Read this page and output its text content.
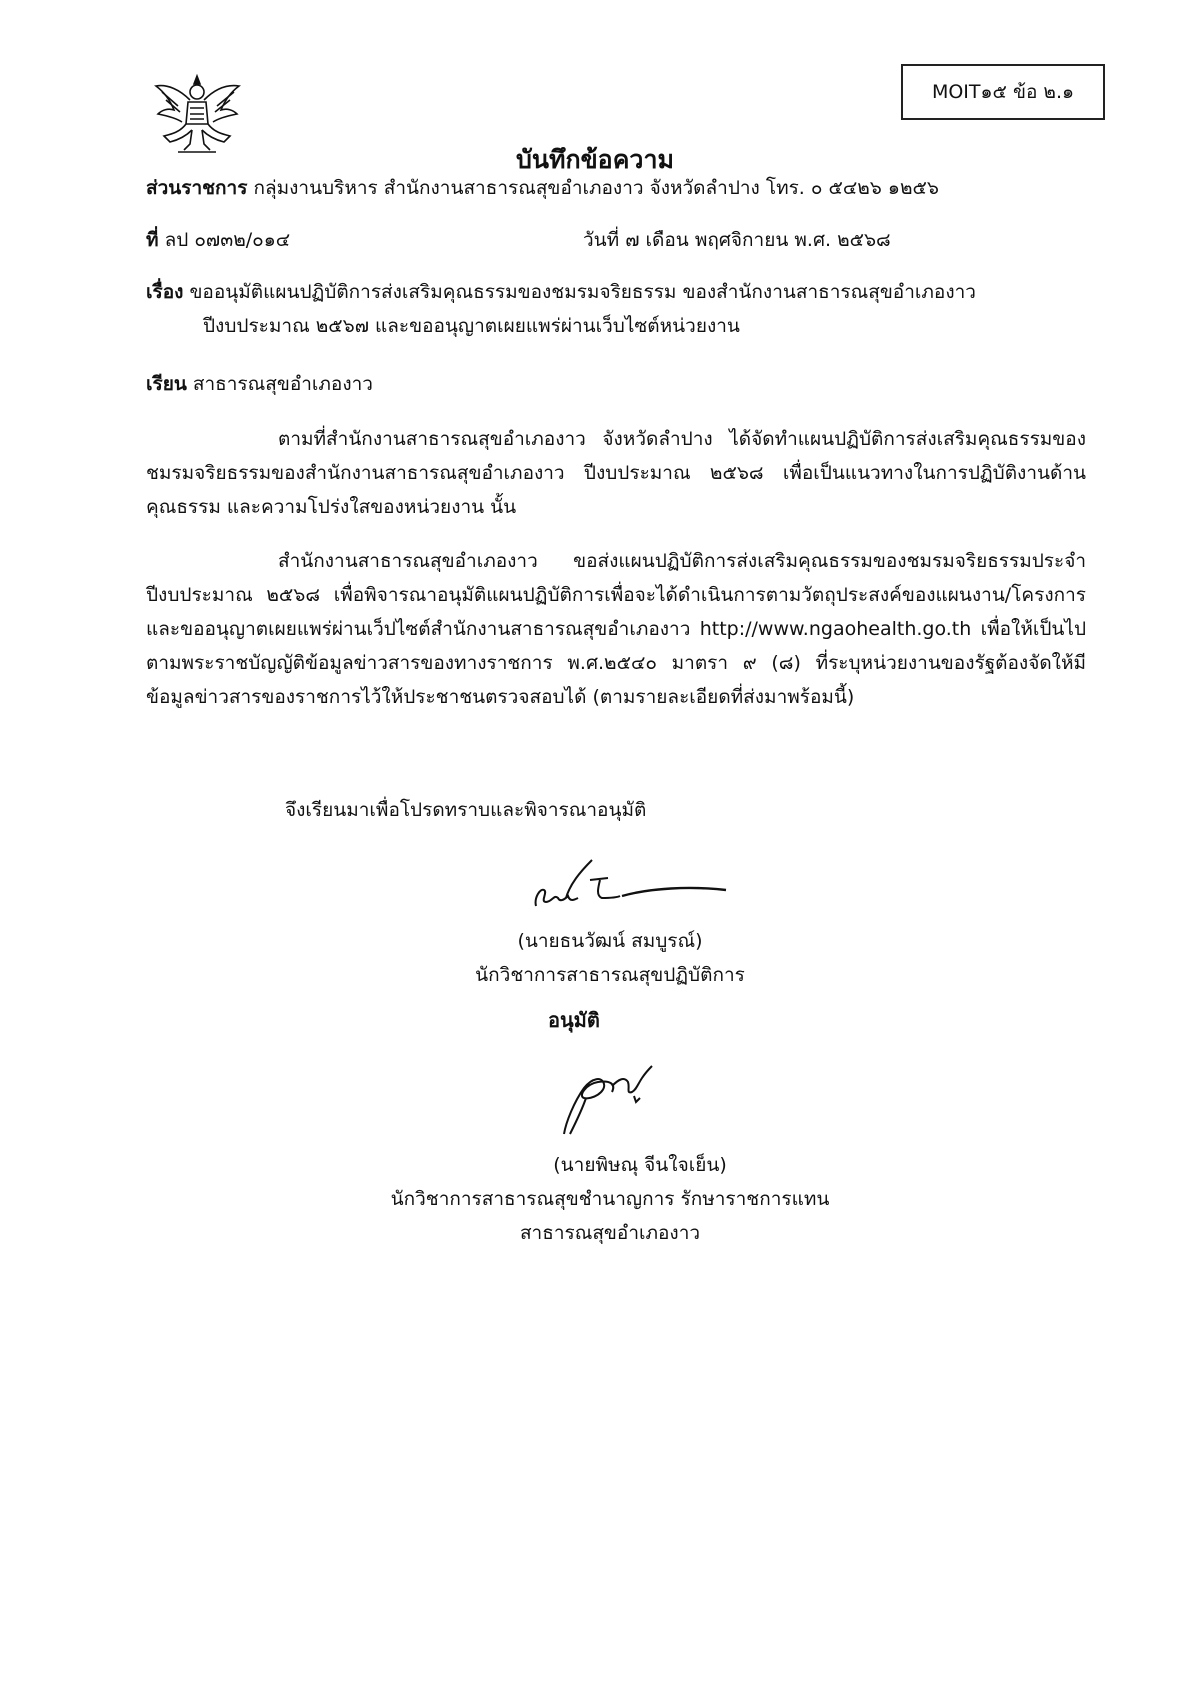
MOIT๑๕ ข้อ ๒.๑
บันทึกข้อความ
ส่วนราชการ กลุ่มงานบริหาร สำนักงานสาธารณสุขอำเภองาว จังหวัดลำปาง โทร. ๐ ๕๔๒๖ ๑๒๕๖
ที่ ลป ๐๗๓๒/๐๑๔	วันที่ ๗ เดือน พฤศจิกายน พ.ศ. ๒๕๖๘
เรื่อง ขออนุมัติแผนปฏิบัติการส่งเสริมคุณธรรมของชมรมจริยธรรม ของสำนักงานสาธารณสุขอำเภองาว
ปีงบประมาณ ๒๕๖๗ และขออนุญาตเผยแพร่ผ่านเว็บไซต์หน่วยงาน
เรียน สาธารณสุขอำเภองาว
ตามที่สำนักงานสาธารณสุขอำเภองาว จังหวัดลำปาง ได้จัดทำแผนปฏิบัติการส่งเสริมคุณธรรมของชมรมจริยธรรมของสำนักงานสาธารณสุขอำเภองาว ปีงบประมาณ ๒๕๖๘ เพื่อเป็นแนวทางในการปฏิบัติงานด้านคุณธรรม และความโปร่งใสของหน่วยงาน นั้น
สำนักงานสาธารณสุขอำเภองาว ขอส่งแผนปฏิบัติการส่งเสริมคุณธรรมของชมรมจริยธรรมประจำปีงบประมาณ ๒๕๖๘ เพื่อพิจารณาอนุมัติแผนปฏิบัติการเพื่อจะได้ดำเนินการตามวัตถุประสงค์ของแผนงาน/โครงการ และขออนุญาตเผยแพร่ผ่านเว็ปไซต์สำนักงานสาธารณสุขอำเภองาว http://www.ngaohealth.go.th เพื่อให้เป็นไปตามพระราชบัญญัติข้อมูลข่าวสารของทางราชการ พ.ศ.๒๕๔๐ มาตรา ๙ (๘) ที่ระบุหน่วยงานของรัฐต้องจัดให้มีข้อมูลข่าวสารของราชการไว้ให้ประชาชนตรวจสอบได้ (ตามรายละเอียดที่ส่งมาพร้อมนี้)
จึงเรียนมาเพื่อโปรดทราบและพิจารณาอนุมัติ
(นายธนวัฒน์ สมบูรณ์)
นักวิชาการสาธารณสุขปฏิบัติการ
อนุมัติ
(นายพิษณุ จีนใจเย็น)
นักวิชาการสาธารณสุขชำนาญการ รักษาราชการแทน
สาธารณสุขอำเภองาว
